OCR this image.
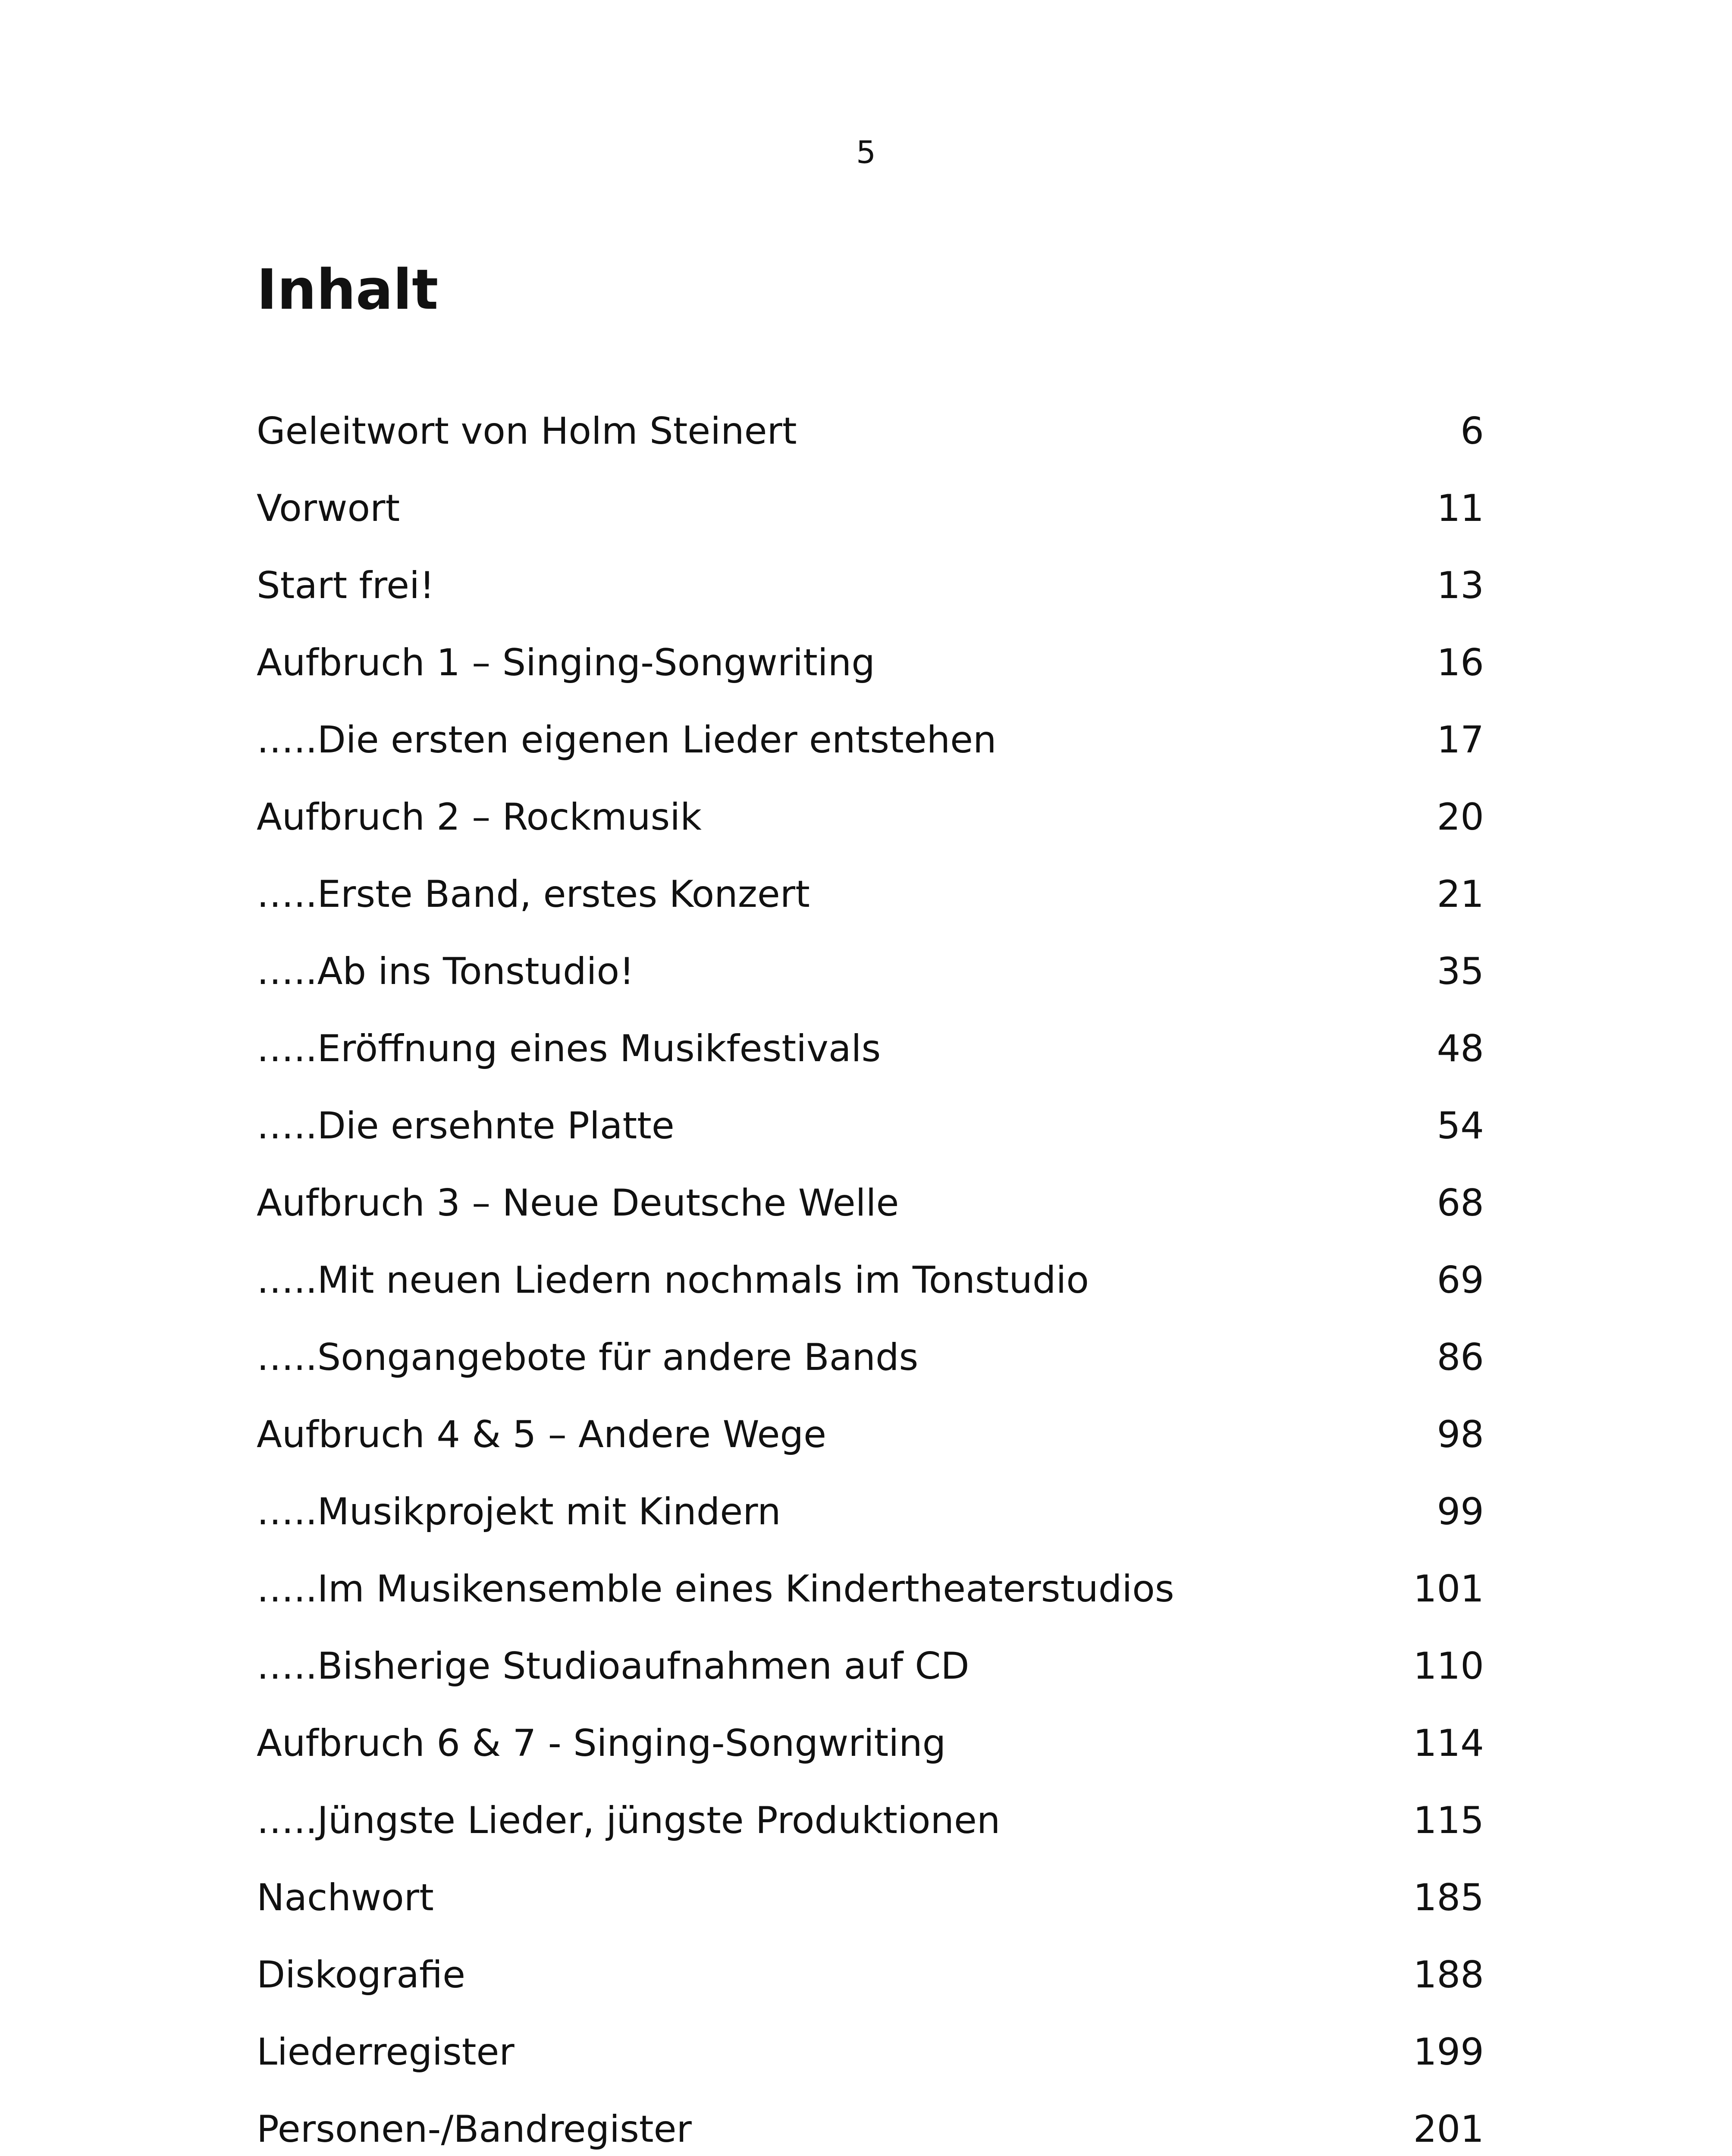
5
Inhalt
Geleitwort von Holm Steinert	6
Vorwort	11
Start frei!	13
Aufbruch 1 – Singing-Songwriting	16
…..Die ersten eigenen Lieder entstehen	17
Aufbruch 2 – Rockmusik	20
…..Erste Band, erstes Konzert	21
…..Ab ins Tonstudio!	35
…..Eröffnung eines Musikfestivals	48
…..Die ersehnte Platte	54
Aufbruch 3 – Neue Deutsche Welle	68
…..Mit neuen Liedern nochmals im Tonstudio	69
…..Songangebote für andere Bands	86
Aufbruch 4 & 5 – Andere Wege	98
…..Musikprojekt mit Kindern	99
…..Im Musikensemble eines Kindertheaterstudios	101
…..Bisherige Studioaufnahmen auf CD	110
Aufbruch 6 & 7 - Singing-Songwriting	114
…..Jüngste Lieder, jüngste Produktionen	115
Nachwort	185
Diskografie	188
Liederregister	199
Personen-/Bandregister	201
